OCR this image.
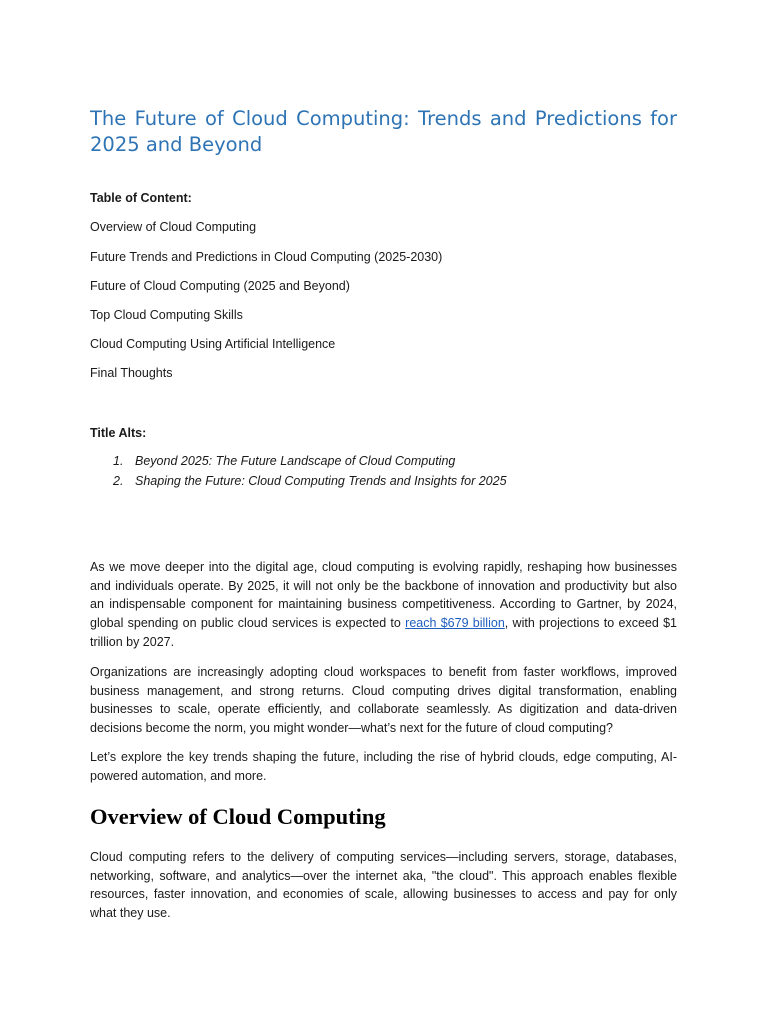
The Future of Cloud Computing: Trends and Predictions for 2025 and Beyond

Table of Content:

Overview of Cloud Computing

Future Trends and Predictions in Cloud Computing (2025-2030)

Future of Cloud Computing (2025 and Beyond)

Top Cloud Computing Skills

Cloud Computing Using Artificial Intelligence

Final Thoughts

Title Alts:

1. Beyond 2025: The Future Landscape of Cloud Computing
2. Shaping the Future: Cloud Computing Trends and Insights for 2025

As we move deeper into the digital age, cloud computing is evolving rapidly, reshaping how businesses and individuals operate. By 2025, it will not only be the backbone of innovation and productivity but also an indispensable component for maintaining business competitiveness. According to Gartner, by 2024, global spending on public cloud services is expected to reach $679 billion, with projections to exceed $1 trillion by 2027.

Organizations are increasingly adopting cloud workspaces to benefit from faster workflows, improved business management, and strong returns. Cloud computing drives digital transformation, enabling businesses to scale, operate efficiently, and collaborate seamlessly. As digitization and data-driven decisions become the norm, you might wonder—what’s next for the future of cloud computing?

Let’s explore the key trends shaping the future, including the rise of hybrid clouds, edge computing, AI-powered automation, and more.

Overview of Cloud Computing

Cloud computing refers to the delivery of computing services—including servers, storage, databases, networking, software, and analytics—over the internet aka, "the cloud". This approach enables flexible resources, faster innovation, and economies of scale, allowing businesses to access and pay for only what they use.
